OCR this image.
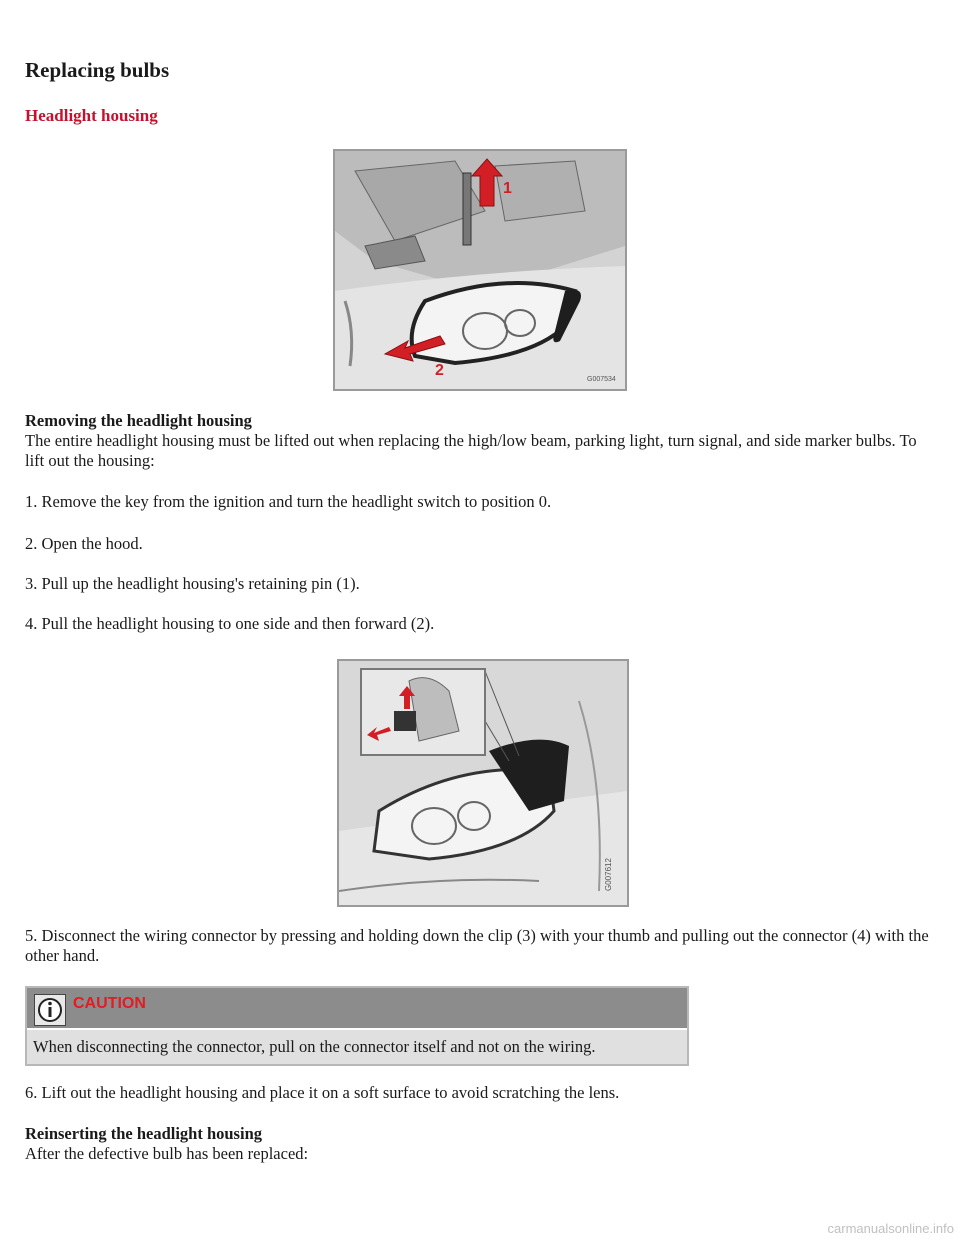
Replacing bulbs
Headlight housing
1
2
G007534

Removing the headlight housing

The entire headlight housing must be lifted out when replacing the high/low beam, parking light, turn signal, and side marker bulbs. To lift out the housing:

1. Remove the key from the ignition and turn the headlight switch to position 0.

2. Open the hood.

3. Pull up the headlight housing's retaining pin (1).

4. Pull the headlight housing to one side and then forward (2).

G007612

5. Disconnect the wiring connector by pressing and holding down the clip (3) with your thumb and pulling out the connector (4) with the other hand.

CAUTION
When disconnecting the connector, pull on the connector itself and not on the wiring.

6. Lift out the headlight housing and place it on a soft surface to avoid scratching the lens.

Reinserting the headlight housing

After the defective bulb has been replaced:

carmanualsonline.info
